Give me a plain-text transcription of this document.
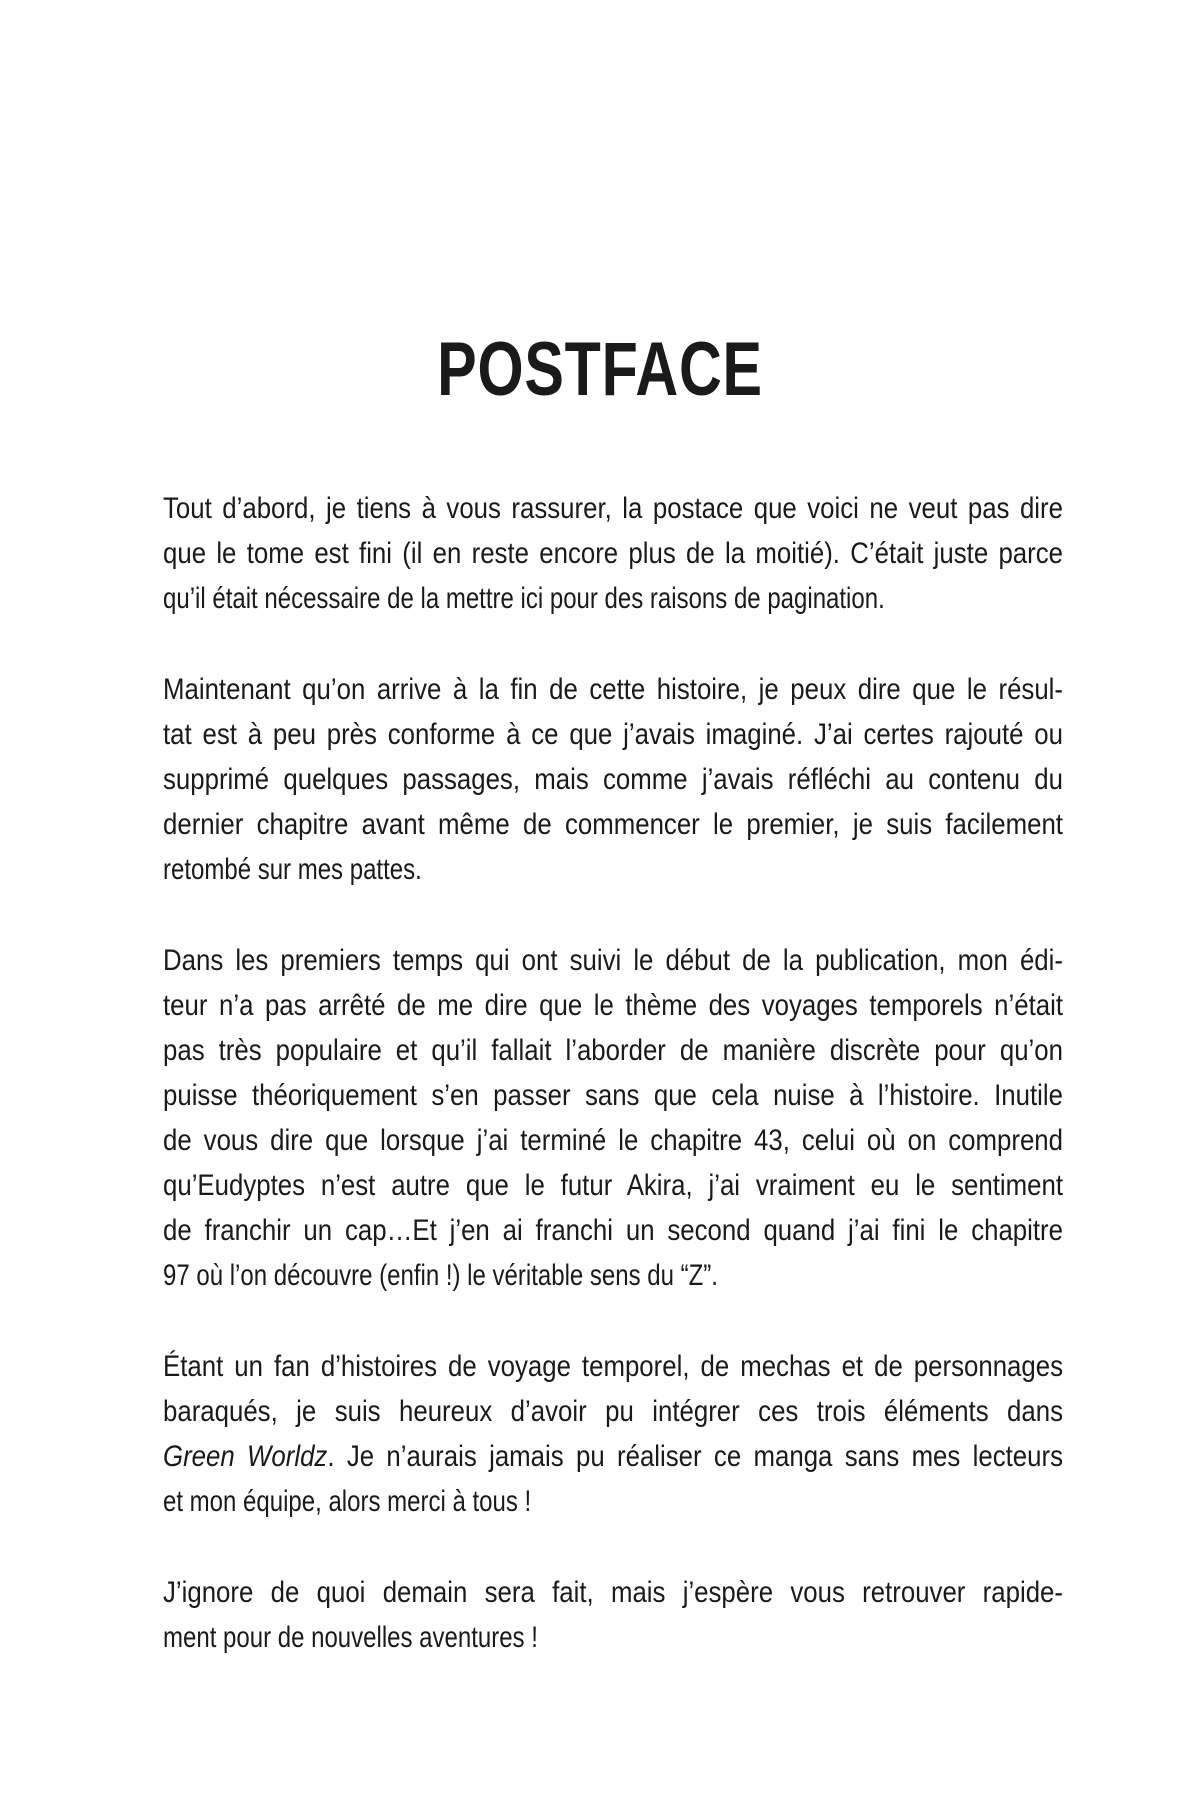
POSTFACE

Tout d’abord, je tiens à vous rassurer, la postace que voici ne veut pas dire
que le tome est fini (il en reste encore plus de la moitié). C’était juste parce
qu’il était nécessaire de la mettre ici pour des raisons de pagination.

Maintenant qu’on arrive à la fin de cette histoire, je peux dire que le résul-
tat est à peu près conforme à ce que j’avais imaginé. J’ai certes rajouté ou
supprimé quelques passages, mais comme j’avais réfléchi au contenu du
dernier chapitre avant même de commencer le premier, je suis facilement
retombé sur mes pattes.

Dans les premiers temps qui ont suivi le début de la publication, mon édi-
teur n’a pas arrêté de me dire que le thème des voyages temporels n’était
pas très populaire et qu’il fallait l’aborder de manière discrète pour qu’on
puisse théoriquement s’en passer sans que cela nuise à l’histoire. Inutile
de vous dire que lorsque j’ai terminé le chapitre 43, celui où on comprend
qu’Eudyptes n’est autre que le futur Akira, j’ai vraiment eu le sentiment
de franchir un cap…Et j’en ai franchi un second quand j’ai fini le chapitre
97 où l’on découvre (enfin !) le véritable sens du “Z”.

Étant un fan d’histoires de voyage temporel, de mechas et de personnages
baraqués, je suis heureux d’avoir pu intégrer ces trois éléments dans
Green Worldz. Je n’aurais jamais pu réaliser ce manga sans mes lecteurs
et mon équipe, alors merci à tous !

J’ignore de quoi demain sera fait, mais j’espère vous retrouver rapide-
ment pour de nouvelles aventures !
